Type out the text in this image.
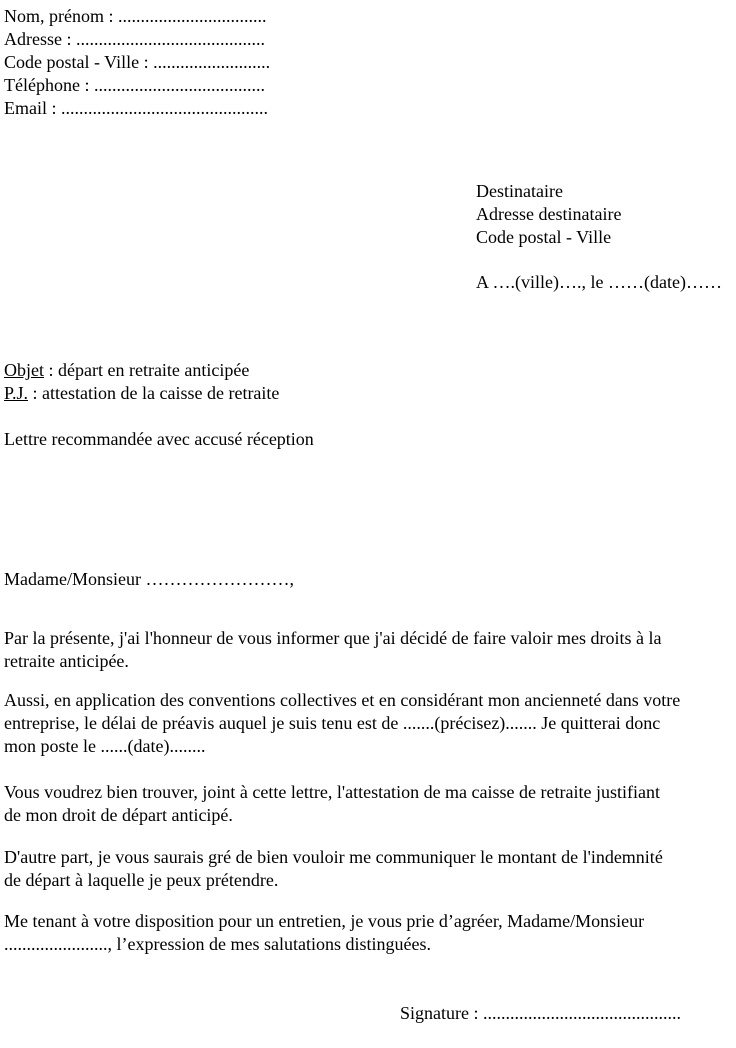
Nom, prénom : .................................
Adresse : ..........................................
Code postal - Ville : ..........................
Téléphone : ......................................
Email : ..............................................
Destinataire
Adresse destinataire
Code postal - Ville
A ….(ville)…., le ……(date)……
Objet : départ en retraite anticipée
P.J. : attestation de la caisse de retraite
Lettre recommandée avec accusé réception
Madame/Monsieur ……………………,
Par la présente, j'ai l'honneur de vous informer que j'ai décidé de faire valoir mes droits à la
retraite anticipée.
Aussi, en application des conventions collectives et en considérant mon ancienneté dans votre
entreprise, le délai de préavis auquel je suis tenu est de .......(précisez)....... Je quitterai donc
mon poste le ......(date)........
Vous voudrez bien trouver, joint à cette lettre, l'attestation de ma caisse de retraite justifiant
de mon droit de départ anticipé.
D'autre part, je vous saurais gré de bien vouloir me communiquer le montant de l'indemnité
de départ à laquelle je peux prétendre.
Me tenant à votre disposition pour un entretien, je vous prie d’agréer, Madame/Monsieur
......................., l’expression de mes salutations distinguées.
Signature : ............................................
